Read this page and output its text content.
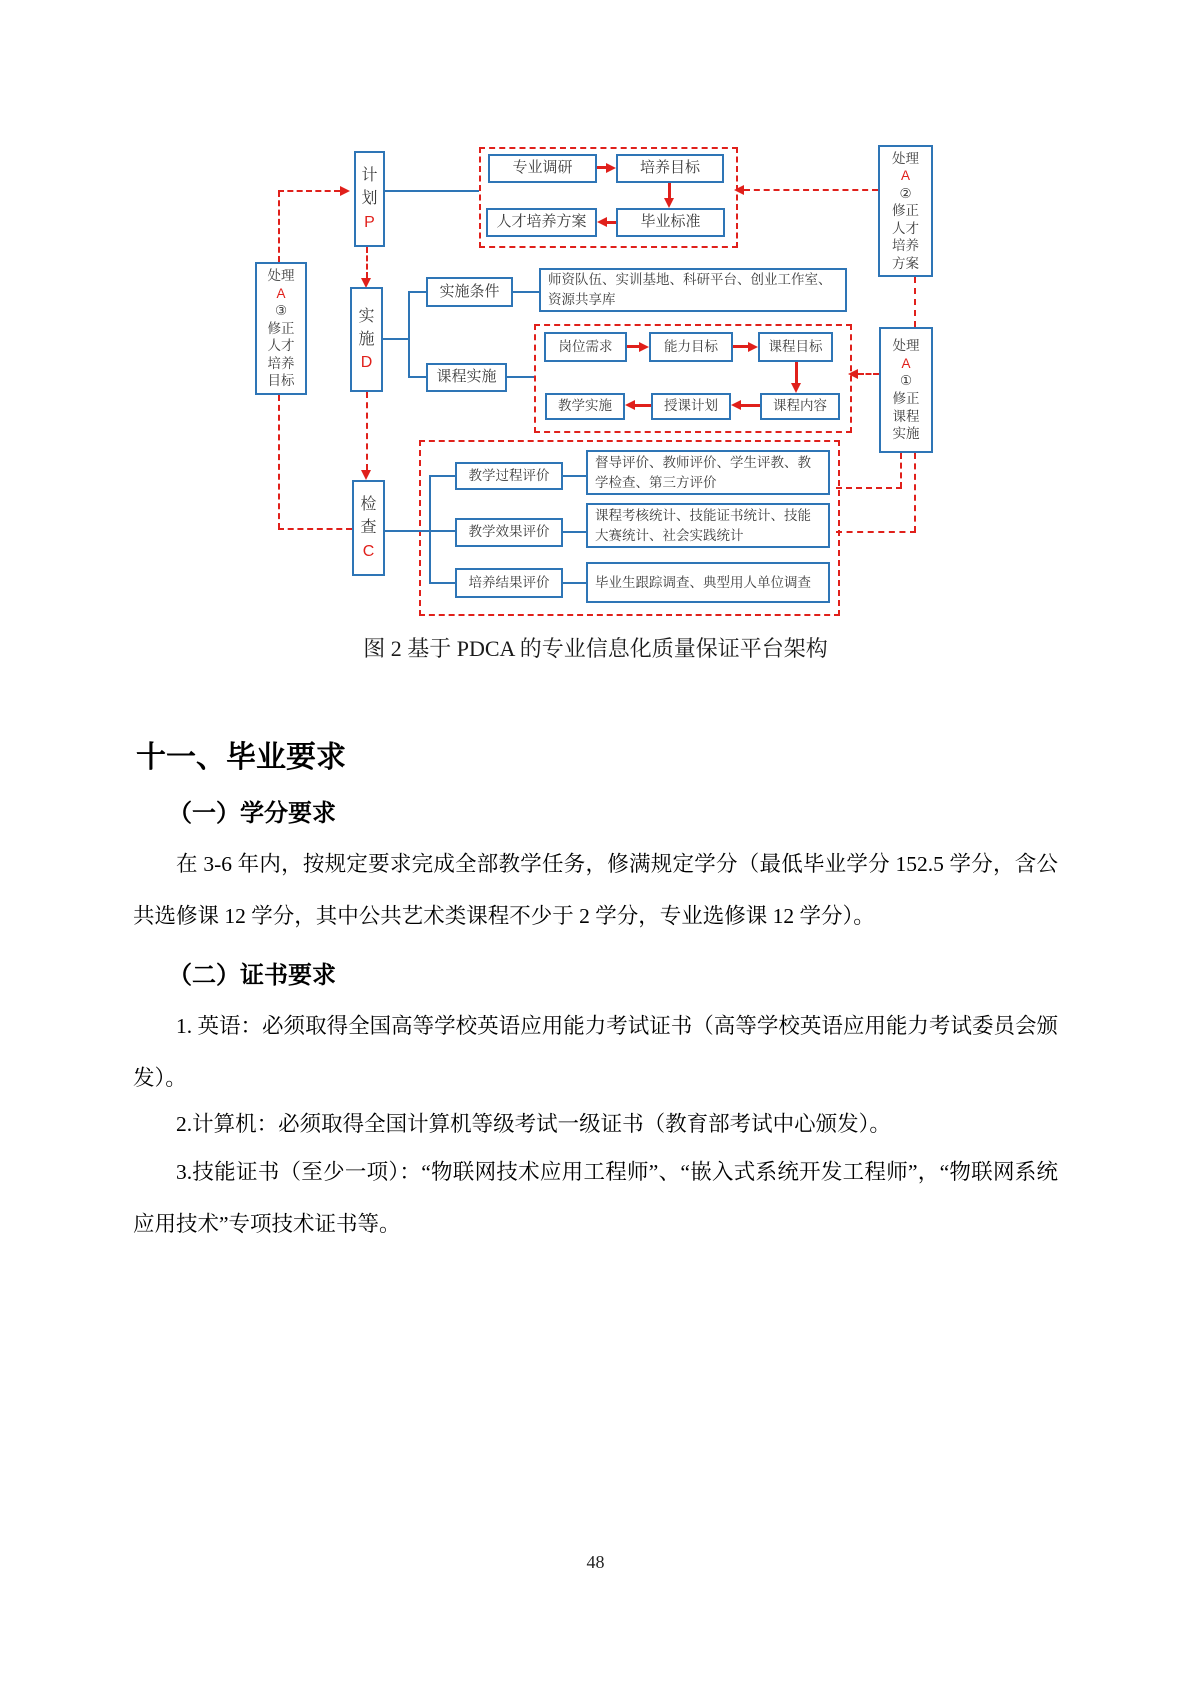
计
划
P
实
施
D
检
查
C
处理
A
②
修正
人才
培养
方案
处理
A
③
修正
人才
培养
目标
处理
A
①
修正
课程
实施
专业调研	培养目标
人才培养方案	毕业标准
实施条件
师资队伍、实训基地、科研平台、创业工作室、资源共享库
课程实施
岗位需求	能力目标	课程目标
课程内容
授课计划
教学实施
教学过程评价
督导评价、教师评价、学生评教、教学检查、第三方评价
教学效果评价
课程考核统计、技能证书统计、技能大赛统计、社会实践统计
培养结果评价	毕业生跟踪调查、典型用人单位调查
图 2 基于 PDCA 的专业信息化质量保证平台架构
十一、毕业要求
（一）学分要求
在 3-6 年内，按规定要求完成全部教学任务，修满规定学分（最低毕业学分 152.5 学分，含公共选修课 12 学分，其中公共艺术类课程不少于 2 学分，专业选修课 12 学分）。
（二）证书要求
1. 英语：必须取得全国高等学校英语应用能力考试证书（高等学校英语应用能力考试委员会颁发）。
2.计算机：必须取得全国计算机等级考试一级证书（教育部考试中心颁发）。
3.技能证书（至少一项）：“物联网技术应用工程师”、“嵌入式系统开发工程师”，“物联网系统应用技术”专项技术证书等。
48
